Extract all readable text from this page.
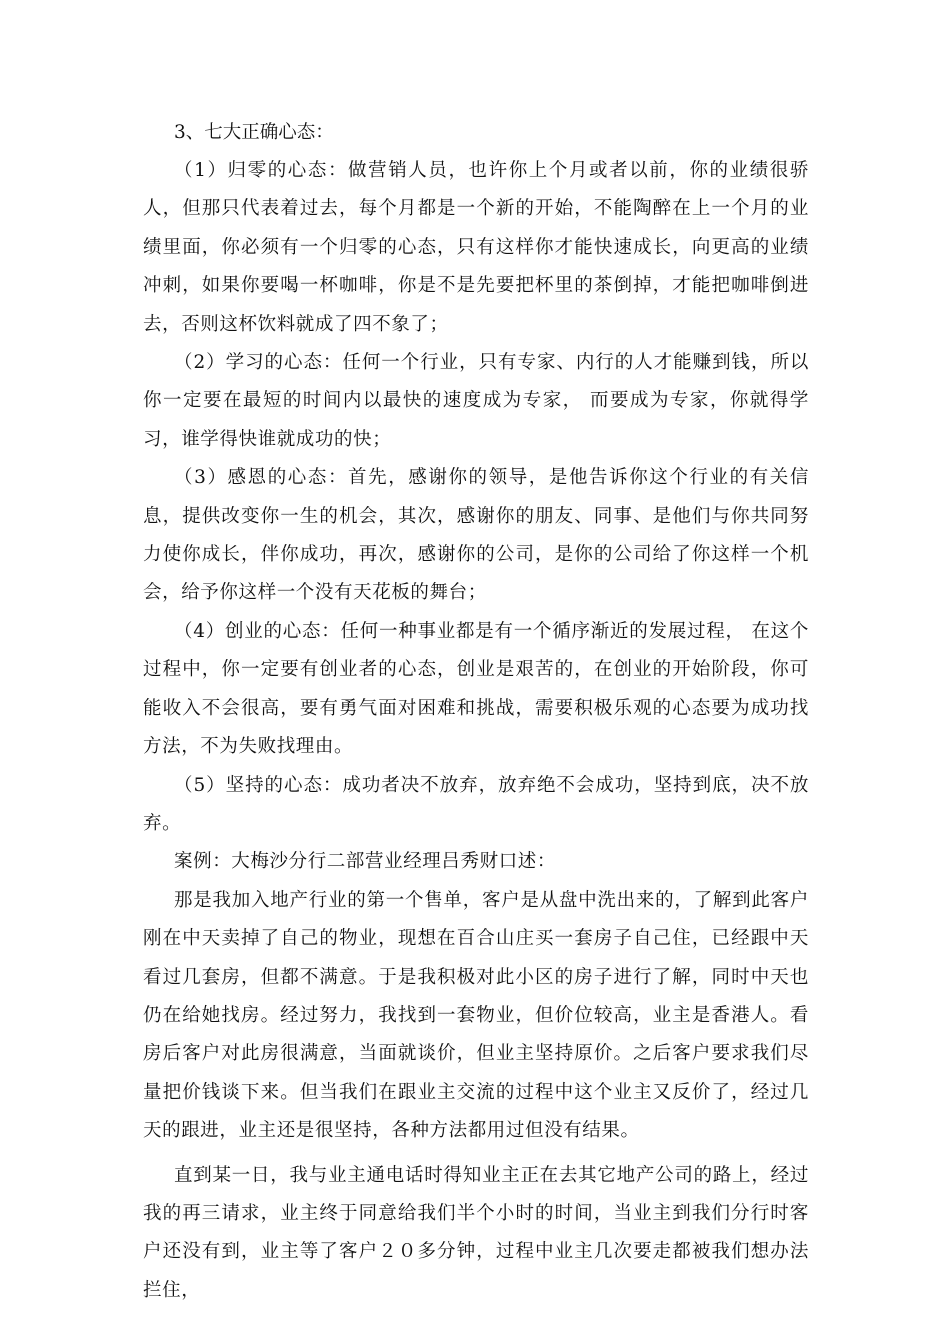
3、七大正确心态：

（1）归零的心态：做营销人员，也许你上个月或者以前，你的业绩很骄人，但那只代表着过去，每个月都是一个新的开始，不能陶醉在上一个月的业绩里面，你必须有一个归零的心态，只有这样你才能快速成长，向更高的业绩冲刺，如果你要喝一杯咖啡，你是不是先要把杯里的茶倒掉，才能把咖啡倒进去，否则这杯饮料就成了四不象了；

（2）学习的心态：任何一个行业，只有专家、内行的人才能赚到钱，所以你一定要在最短的时间内以最快的速度成为专家， 而要成为专家，你就得学习，谁学得快谁就成功的快；

（3）感恩的心态：首先，感谢你的领导，是他告诉你这个行业的有关信息，提供改变你一生的机会，其次，感谢你的朋友、同事、是他们与你共同努力使你成长，伴你成功，再次，感谢你的公司，是你的公司给了你这样一个机会，给予你这样一个没有天花板的舞台；

（4）创业的心态：任何一种事业都是有一个循序渐近的发展过程， 在这个过程中，你一定要有创业者的心态，创业是艰苦的，在创业的开始阶段，你可能收入不会很高，要有勇气面对困难和挑战，需要积极乐观的心态要为成功找方法，不为失败找理由。

（5）坚持的心态：成功者决不放弃，放弃绝不会成功，坚持到底，决不放弃。

案例：大梅沙分行二部营业经理吕秀财口述：

那是我加入地产行业的第一个售单，客户是从盘中洗出来的，了解到此客户刚在中天卖掉了自己的物业，现想在百合山庄买一套房子自己住，已经跟中天看过几套房，但都不满意。于是我积极对此小区的房子进行了解，同时中天也仍在给她找房。经过努力，我找到一套物业，但价位较高，业主是香港人。看房后客户对此房很满意，当面就谈价，但业主坚持原价。之后客户要求我们尽量把价钱谈下来。但当我们在跟业主交流的过程中这个业主又反价了，经过几天的跟进，业主还是很坚持，各种方法都用过但没有结果。

直到某一日，我与业主通电话时得知业主正在去其它地产公司的路上，经过我的再三请求，业主终于同意给我们半个小时的时间，当业主到我们分行时客户还没有到，业主等了客户２０多分钟，过程中业主几次要走都被我们想办法拦住，
